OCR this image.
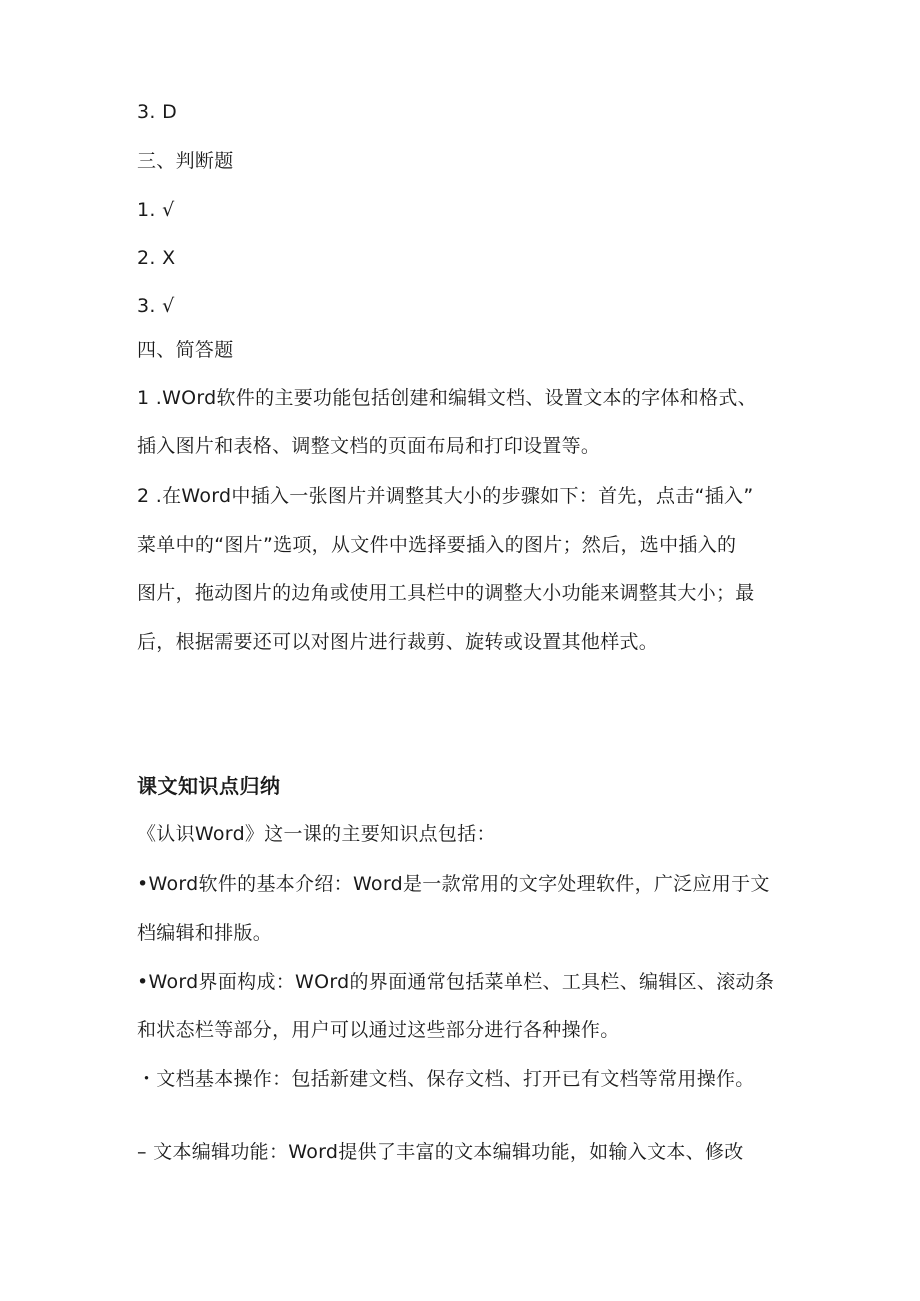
3. D
三、判断题
1. √
2. X
3. √
四、简答题
1 .WOrd软件的主要功能包括创建和编辑文档、设置文本的字体和格式、
插入图片和表格、调整文档的页面布局和打印设置等。
2 .在Word中插入一张图片并调整其大小的步骤如下：首先，点击“插入”
菜单中的“图片”选项，从文件中选择要插入的图片；然后，选中插入的
图片，拖动图片的边角或使用工具栏中的调整大小功能来调整其大小；最
后，根据需要还可以对图片进行裁剪、旋转或设置其他样式。
课文知识点归纳
《认识Word》这一课的主要知识点包括：
•Word软件的基本介绍：Word是一款常用的文字处理软件，广泛应用于文
档编辑和排版。
•Word界面构成：WOrd的界面通常包括菜单栏、工具栏、编辑区、滚动条
和状态栏等部分，用户可以通过这些部分进行各种操作。
・文档基本操作：包括新建文档、保存文档、打开已有文档等常用操作。
– 文本编辑功能：Word提供了丰富的文本编辑功能，如输入文本、修改
